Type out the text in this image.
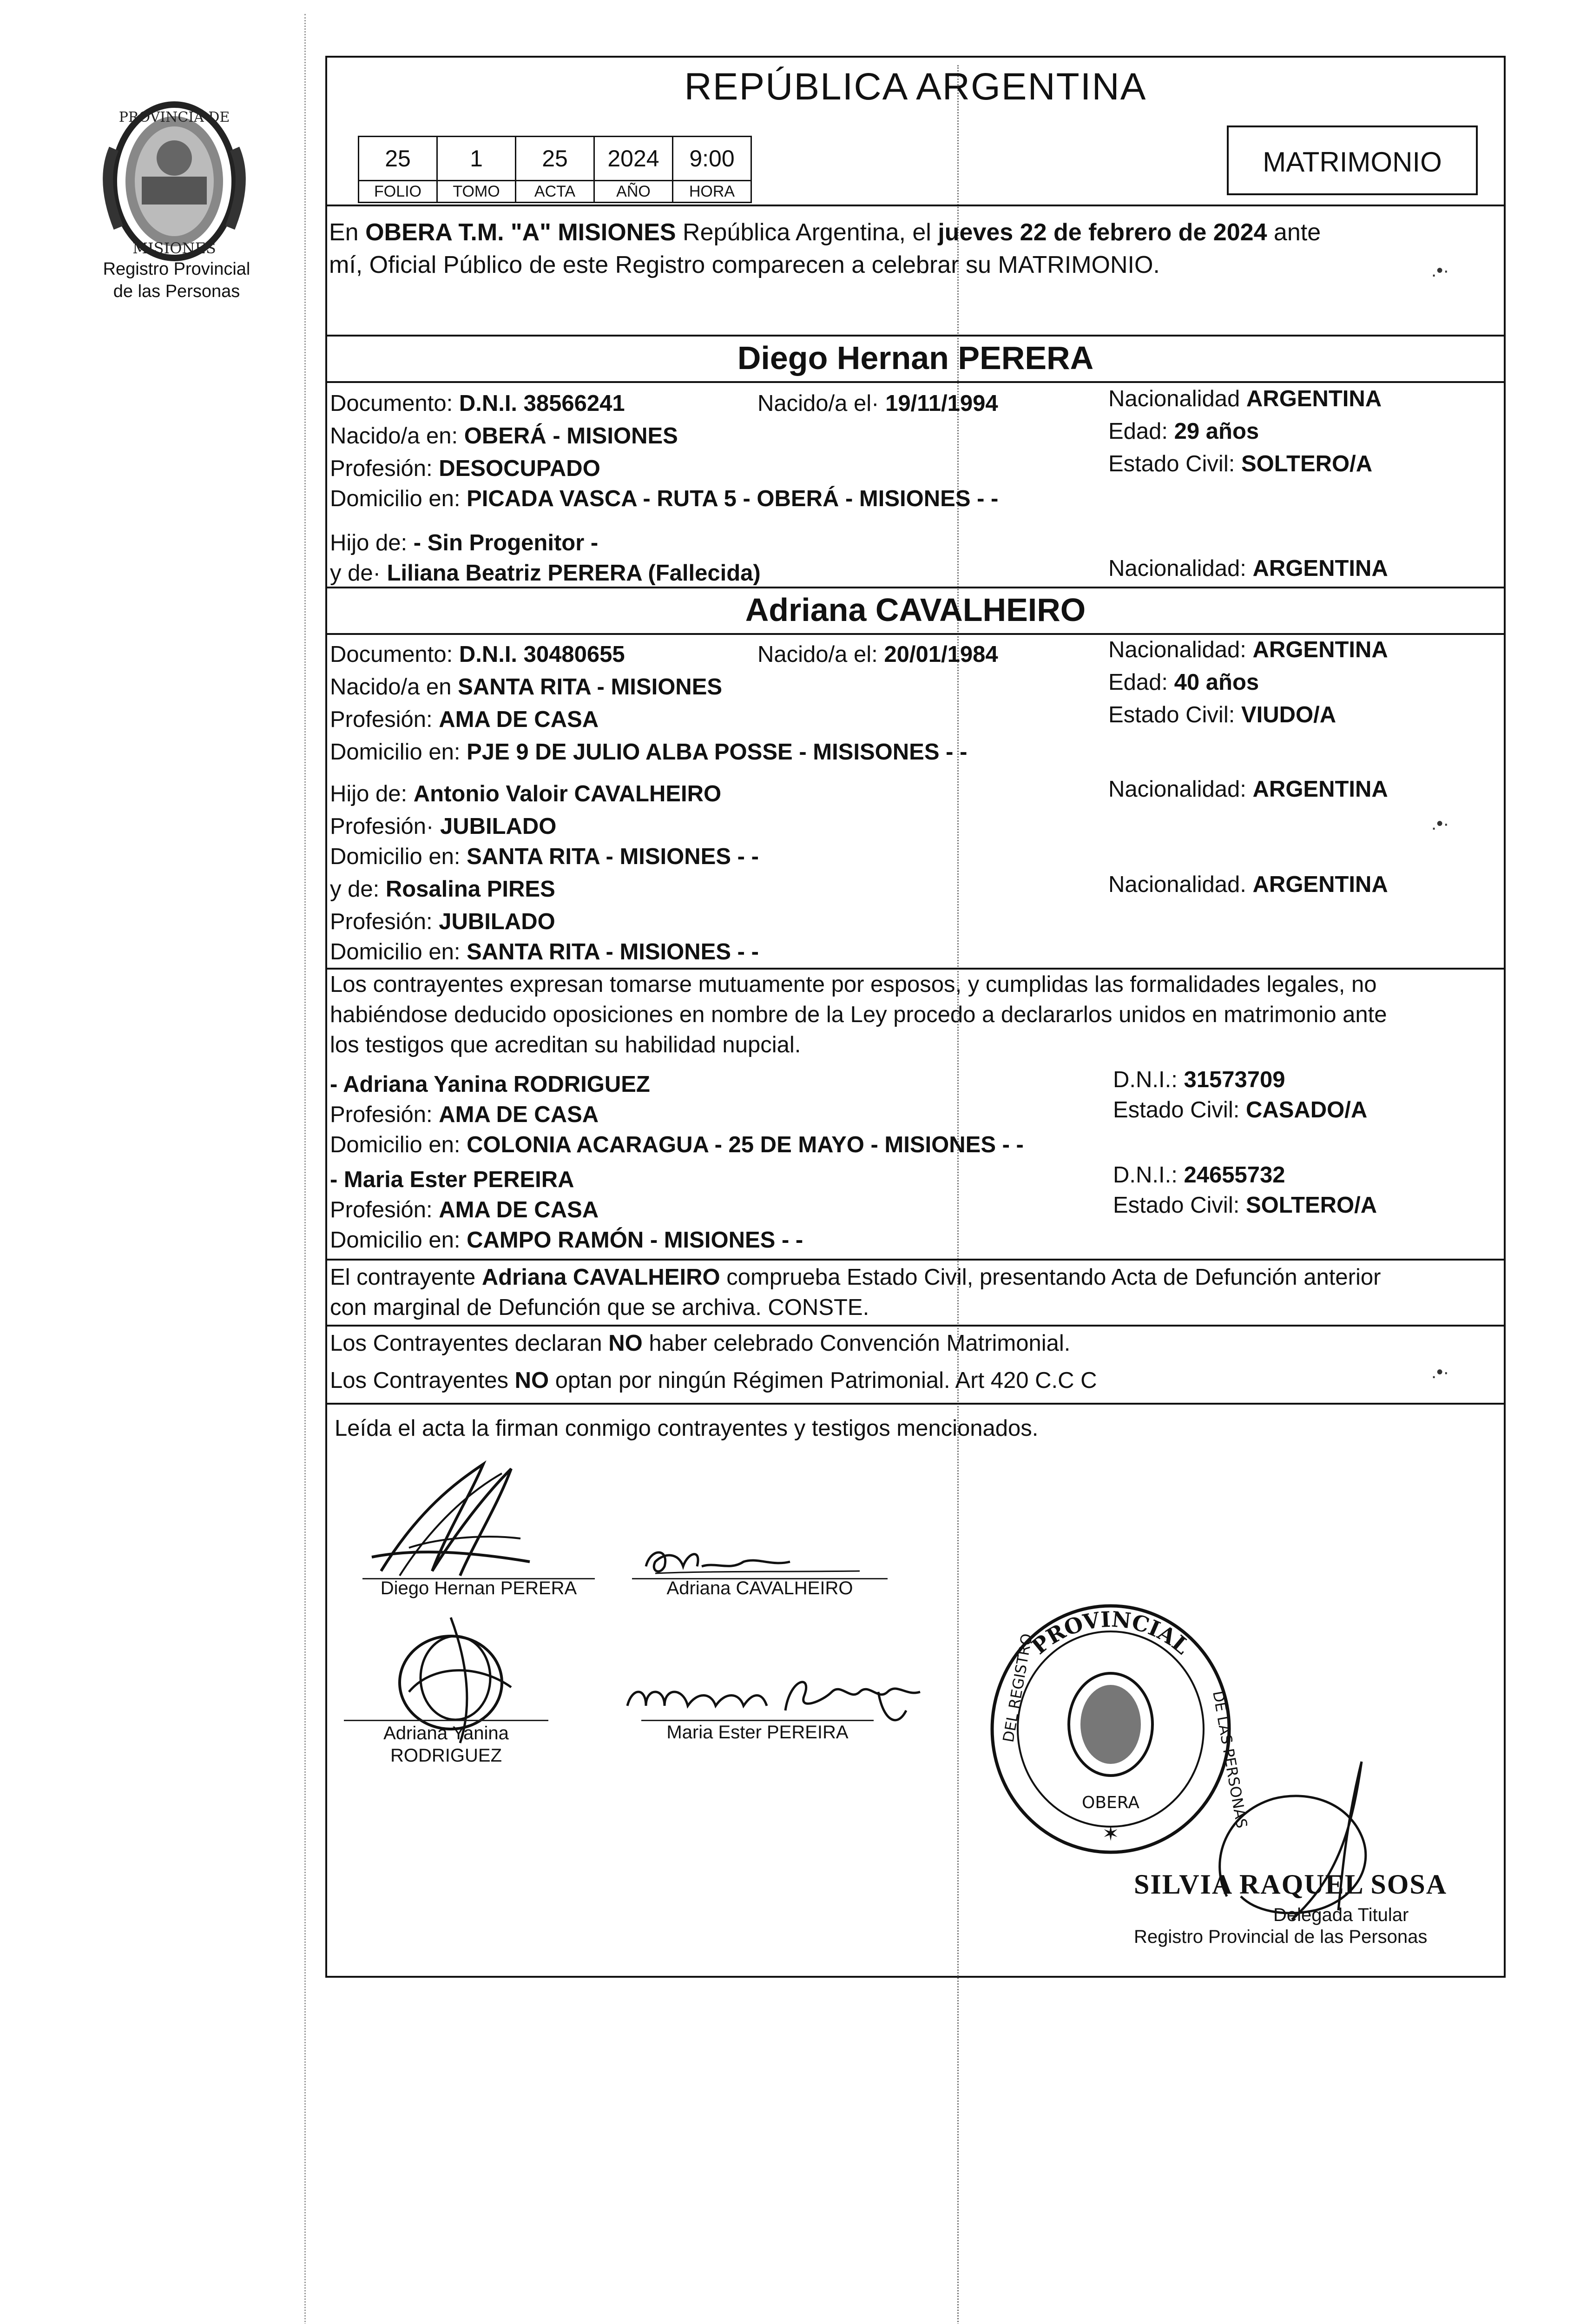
PROVINCIA DE
MISIONES
Registro Provincial
de las Personas
REPÚBLICA ARGENTINA
25	1	25	2024	9:00
FOLIO	TOMO	ACTA	AÑO	HORA
MATRIMONIO
En OBERA T.M. "A" MISIONES República Argentina, el jueves 22 de febrero de 2024 ante
mí, Oficial Público de este Registro comparecen a celebrar su MATRIMONIO.
Diego Hernan PERERA
Documento: D.N.I. 38566241	Nacido/a el· 19/11/1994	Nacionalidad ARGENTINA
Nacido/a en: OBERÁ - MISIONES	Edad: 29 años
Profesión: DESOCUPADO	Estado Civil: SOLTERO/A
Domicilio en: PICADA VASCA - RUTA 5 - OBERÁ - MISIONES - -
Hijo de: - Sin Progenitor -
y de· Liliana Beatriz PERERA (Fallecida)	Nacionalidad: ARGENTINA
Adriana CAVALHEIRO
Documento: D.N.I. 30480655	Nacido/a el: 20/01/1984	Nacionalidad: ARGENTINA
Nacido/a en SANTA RITA - MISIONES	Edad: 40 años
Profesión: AMA DE CASA	Estado Civil: VIUDO/A
Domicilio en: PJE 9 DE JULIO ALBA POSSE - MISISONES - -
Hijo de: Antonio Valoir CAVALHEIRO	Nacionalidad: ARGENTINA
Profesión· JUBILADO
Domicilio en: SANTA RITA - MISIONES - -
y de: Rosalina PIRES	Nacionalidad. ARGENTINA
Profesión: JUBILADO
Domicilio en: SANTA RITA - MISIONES - -
Los contrayentes expresan tomarse mutuamente por esposos, y cumplidas las formalidades legales, no
habiéndose deducido oposiciones en nombre de la Ley procedo a declararlos unidos en matrimonio ante
los testigos que acreditan su habilidad nupcial.
- Adriana Yanina RODRIGUEZ	D.N.I.: 31573709
Profesión: AMA DE CASA	Estado Civil: CASADO/A
Domicilio en: COLONIA ACARAGUA - 25 DE MAYO - MISIONES - -
- Maria Ester PEREIRA	D.N.I.: 24655732
Profesión: AMA DE CASA	Estado Civil: SOLTERO/A
Domicilio en: CAMPO RAMÓN - MISIONES - -
El contrayente Adriana CAVALHEIRO comprueba Estado Civil, presentando Acta de Defunción anterior
con marginal de Defunción que se archiva. CONSTE.
Los Contrayentes declaran NO haber celebrado Convención Matrimonial.
Los Contrayentes NO optan por ningún Régimen Patrimonial. Art 420 C.C C
Leída el acta la firman conmigo contrayentes y testigos mencionados.
Diego Hernan PERERA	Adriana CAVALHEIRO
Adriana Yanina
RODRIGUEZ
Maria Ester PEREIRA
PROVINCIAL
DEL REGISTRO
DE LAS PERSONAS
OBERA
✶
SILVIA RAQUEL SOSA
Delegada Titular
Registro Provincial de las Personas
.•·
.•·
.•·
